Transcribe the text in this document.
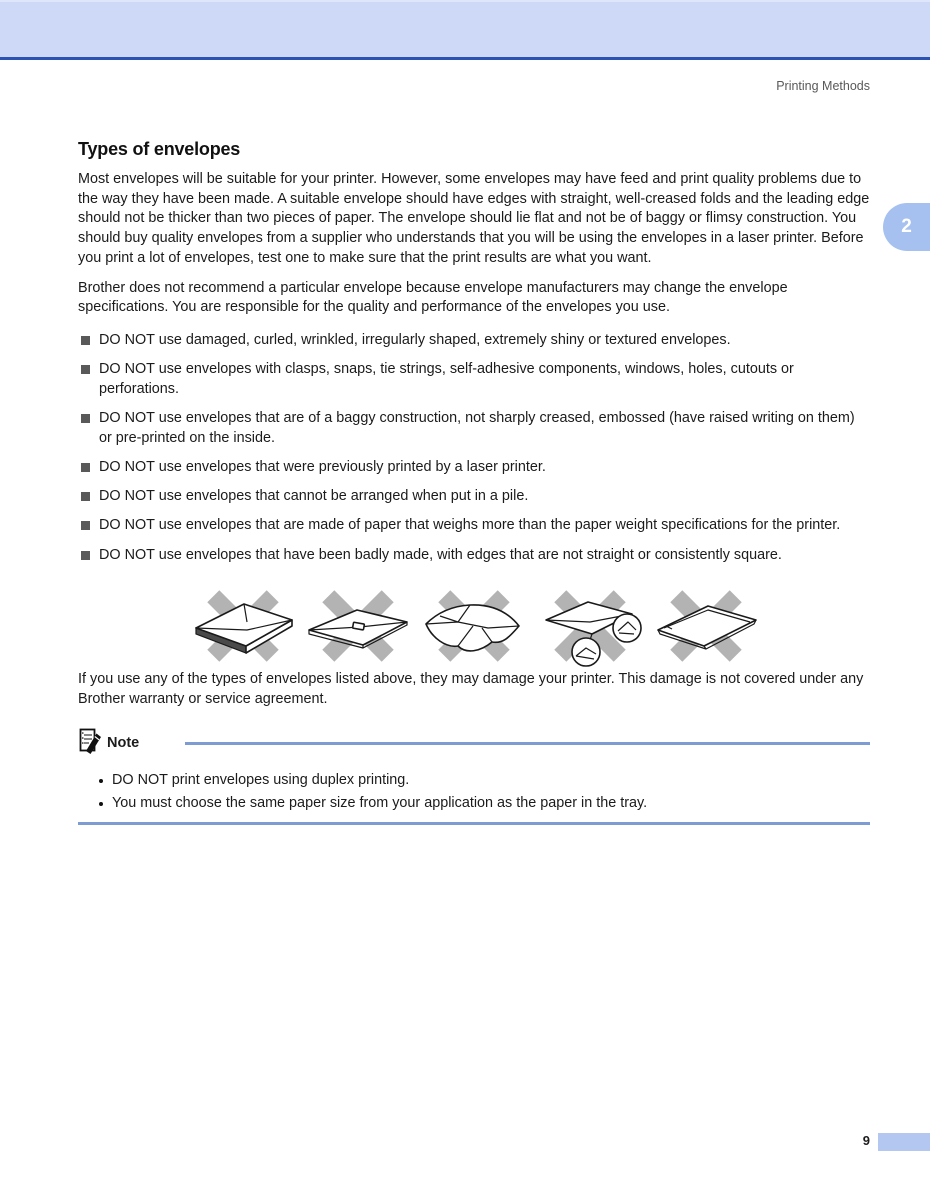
Printing Methods
2
Types of envelopes

Most envelopes will be suitable for your printer. However, some envelopes may have feed and print quality problems due to the way they have been made. A suitable envelope should have edges with straight, well-creased folds and the leading edge should not be thicker than two pieces of paper. The envelope should lie flat and not be of baggy or flimsy construction. You should buy quality envelopes from a supplier who understands that you will be using the envelopes in a laser printer. Before you print a lot of envelopes, test one to make sure that the print results are what you want.

Brother does not recommend a particular envelope because envelope manufacturers may change the envelope specifications. You are responsible for the quality and performance of the envelopes you use.

DO NOT use damaged, curled, wrinkled, irregularly shaped, extremely shiny or textured envelopes.
DO NOT use envelopes with clasps, snaps, tie strings, self-adhesive components, windows, holes, cutouts or perforations.
DO NOT use envelopes that are of a baggy construction, not sharply creased, embossed (have raised writing on them) or pre-printed on the inside.
DO NOT use envelopes that were previously printed by a laser printer.
DO NOT use envelopes that cannot be arranged when put in a pile.
DO NOT use envelopes that are made of paper that weighs more than the paper weight specifications for the printer.
DO NOT use envelopes that have been badly made, with edges that are not straight or consistently square.

If you use any of the types of envelopes listed above, they may damage your printer. This damage is not covered under any Brother warranty or service agreement.

Note
DO NOT print envelopes using duplex printing.
You must choose the same paper size from your application as the paper in the tray.
9
